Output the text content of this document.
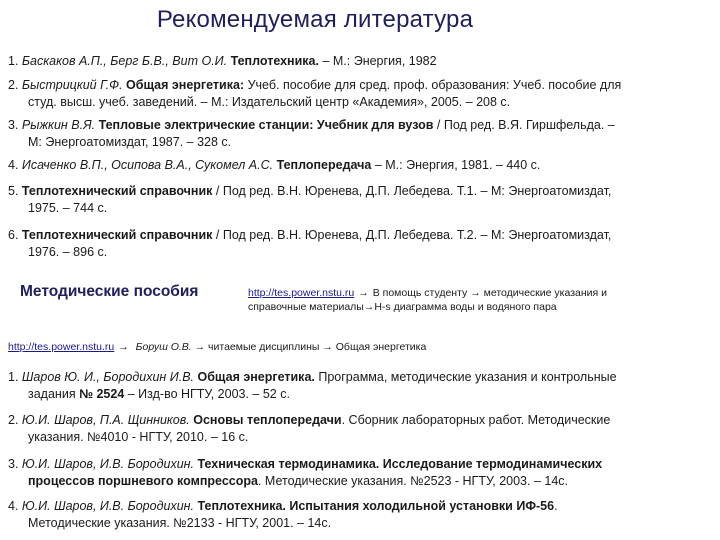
Рекомендуемая литература
1. Баскаков А.П., Берг Б.В., Вит О.И. Теплотехника. – М.: Энергия, 1982
2. Быстрицкий Г.Ф. Общая энергетика: Учеб. пособие для сред. проф. образования: Учеб. пособие для
студ. высш. учеб. заведений. – М.: Издательский центр «Академия», 2005. – 208 с.
3. Рыжкин В.Я. Тепловые электрические станции: Учебник для вузов / Под ред. В.Я. Гиршфельда. –
М: Энергоатомиздат, 1987. – 328 с.
4. Исаченко В.П., Осипова В.А., Сукомел А.С. Теплопередача – М.: Энергия, 1981. – 440 с.
5. Теплотехнический справочник / Под ред. В.Н. Юренева, Д.П. Лебедева. Т.1. – М: Энергоатомиздат,
1975. – 744 с.
6. Теплотехнический справочник / Под ред. В.Н. Юренева, Д.П. Лебедева. Т.2. – М: Энергоатомиздат,
1976. – 896 с.
Методические пособия	http://tes.power.nstu.ru → В помощь студенту → методические указания и
справочные материалы→H-s диаграмма воды и водяного пара
http://tes.power.nstu.ru → Боруш О.В. → читаемые дисциплины → Общая энергетика
1. Шаров Ю. И., Бородихин И.В. Общая энергетика. Программа, методические указания и контрольные
задания № 2524 – Изд-во НГТУ, 2003. – 52 с.
2. Ю.И. Шаров, П.А. Щинников. Основы теплопередачи. Сборник лабораторных работ. Методические
указания. №4010 - НГТУ, 2010. – 16 с.
3. Ю.И. Шаров, И.В. Бородихин. Техническая термодинамика. Исследование термодинамических
процессов поршневого компрессора. Методические указания. №2523 - НГТУ, 2003. – 14с.
4. Ю.И. Шаров, И.В. Бородихин. Теплотехника. Испытания холодильной установки ИФ-56.
Методические указания. №2133 - НГТУ, 2001. – 14с.
